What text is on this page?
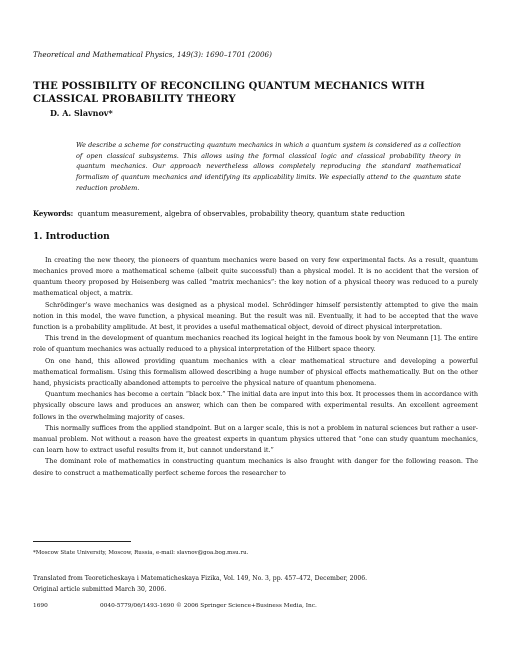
Theoretical and Mathematical Physics, 149(3): 1690–1701 (2006)
THE POSSIBILITY OF RECONCILING QUANTUM MECHANICS WITH CLASSICAL PROBABILITY THEORY
D. A. Slavnov*
We describe a scheme for constructing quantum mechanics in which a quantum system is considered as a collection of open classical subsystems. This allows using the formal classical logic and classical probability theory in quantum mechanics. Our approach nevertheless allows completely reproducing the standard mathematical formalism of quantum mechanics and identifying its applicability limits. We especially attend to the quantum state reduction problem.
Keywords: quantum measurement, algebra of observables, probability theory, quantum state reduction
1. Introduction

In creating the new theory, the pioneers of quantum mechanics were based on very few experimental facts. As a result, quantum mechanics proved more a mathematical scheme (albeit quite successful) than a physical model. It is no accident that the version of quantum theory proposed by Heisenberg was called “matrix mechanics”: the key notion of a physical theory was reduced to a purely mathematical object, a matrix.

Schrödinger’s wave mechanics was designed as a physical model. Schrödinger himself persistently attempted to give the main notion in this model, the wave function, a physical meaning. But the result was nil. Eventually, it had to be accepted that the wave function is a probability amplitude. At best, it provides a useful mathematical object, devoid of direct physical interpretation.

This trend in the development of quantum mechanics reached its logical height in the famous book by von Neumann [1]. The entire role of quantum mechanics was actually reduced to a physical interpretation of the Hilbert space theory.

On one hand, this allowed providing quantum mechanics with a clear mathematical structure and developing a powerful mathematical formalism. Using this formalism allowed describing a huge number of physical effects mathematically. But on the other hand, physicists practically abandoned attempts to perceive the physical nature of quantum phenomena.

Quantum mechanics has become a certain “black box.” The initial data are input into this box. It processes them in accordance with physically obscure laws and produces an answer, which can then be compared with experimental results. An excellent agreement follows in the overwhelming majority of cases.

This normally suffices from the applied standpoint. But on a larger scale, this is not a problem in natural sciences but rather a user-manual problem. Not without a reason have the greatest experts in quantum physics uttered that “one can study quantum mechanics, can learn how to extract useful results from it, but cannot understand it.”

The dominant role of mathematics in constructing quantum mechanics is also fraught with danger for the following reason. The desire to construct a mathematically perfect scheme forces the researcher to

*Moscow State University, Moscow, Russia, e-mail: slavnov@goa.bog.msu.ru.
Translated from Teoreticheskaya i Matematicheskaya Fizika, Vol. 149, No. 3, pp. 457–472, December, 2006.
Original article submitted March 30, 2006.
1690	0040-5779/06/1493-1690 © 2006 Springer Science+Business Media, Inc.
